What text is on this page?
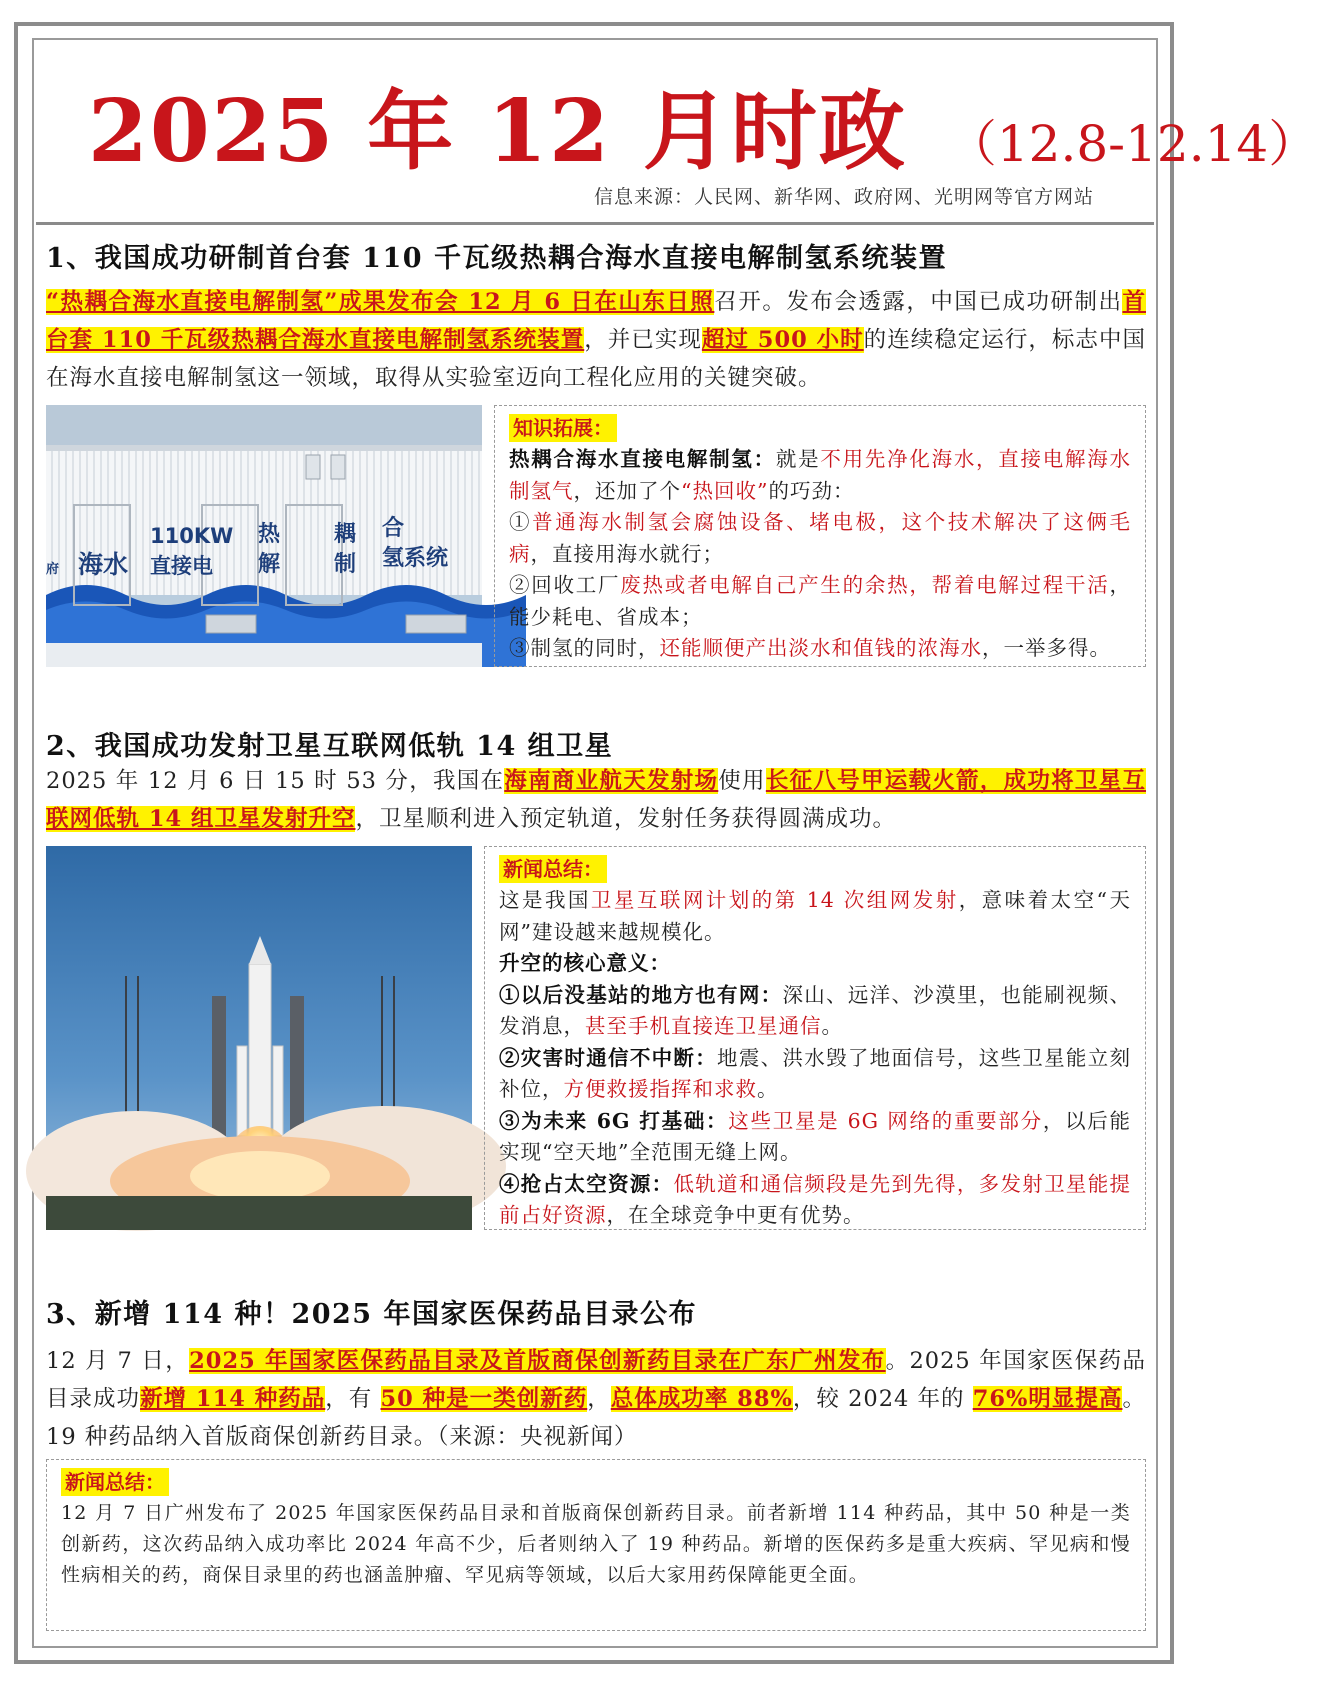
2025 年 12 月时政 （12.8-12.14）
信息来源：人民网、新华网、政府网、光明网等官方网站
1、我国成功研制首台套 110 千瓦级热耦合海水直接电解制氢系统装置

“热耦合海水直接电解制氢”成果发布会 12 月 6 日在山东日照召开。发布会透露，中国已成功研制出首台套 110 千瓦级热耦合海水直接电解制氢系统装置，并已实现超过 500 小时的连续稳定运行，标志中国在海水直接电解制氢这一领域，取得从实验室迈向工程化应用的关键突破。

府 海水
110KW
直接电
热
解
耦
制
合
氢系统
知识拓展：

热耦合海水直接电解制氢：就是不用先净化海水，直接电解海水制氢气，还加了个“热回收”的巧劲：

①普通海水制氢会腐蚀设备、堵电极，这个技术解决了这俩毛病，直接用海水就行；

②回收工厂废热或者电解自己产生的余热，帮着电解过程干活，能少耗电、省成本；

③制氢的同时，还能顺便产出淡水和值钱的浓海水，一举多得。

2、我国成功发射卫星互联网低轨 14 组卫星

2025 年 12 月 6 日 15 时 53 分，我国在海南商业航天发射场使用长征八号甲运载火箭，成功将卫星互联网低轨 14 组卫星发射升空，卫星顺利进入预定轨道，发射任务获得圆满成功。

新闻总结：

这是我国卫星互联网计划的第 14 次组网发射，意味着太空“天网”建设越来越规模化。

升空的核心意义：

①以后没基站的地方也有网：深山、远洋、沙漠里，也能刷视频、发消息，甚至手机直接连卫星通信。

②灾害时通信不中断：地震、洪水毁了地面信号，这些卫星能立刻补位，方便救援指挥和求救。

③为未来 6G 打基础：这些卫星是 6G 网络的重要部分，以后能实现“空天地”全范围无缝上网。

④抢占太空资源：低轨道和通信频段是先到先得，多发射卫星能提前占好资源，在全球竞争中更有优势。

3、新增 114 种！2025 年国家医保药品目录公布

12 月 7 日，2025 年国家医保药品目录及首版商保创新药目录在广东广州发布。2025 年国家医保药品目录成功新增 114 种药品，有 50 种是一类创新药，总体成功率 88%，较 2024 年的 76%明显提高。19 种药品纳入首版商保创新药目录。（来源：央视新闻）

新闻总结：

12 月 7 日广州发布了 2025 年国家医保药品目录和首版商保创新药目录。前者新增 114 种药品，其中 50 种是一类创新药，这次药品纳入成功率比 2024 年高不少，后者则纳入了 19 种药品。新增的医保药多是重大疾病、罕见病和慢性病相关的药，商保目录里的药也涵盖肿瘤、罕见病等领域，以后大家用药保障能更全面。
